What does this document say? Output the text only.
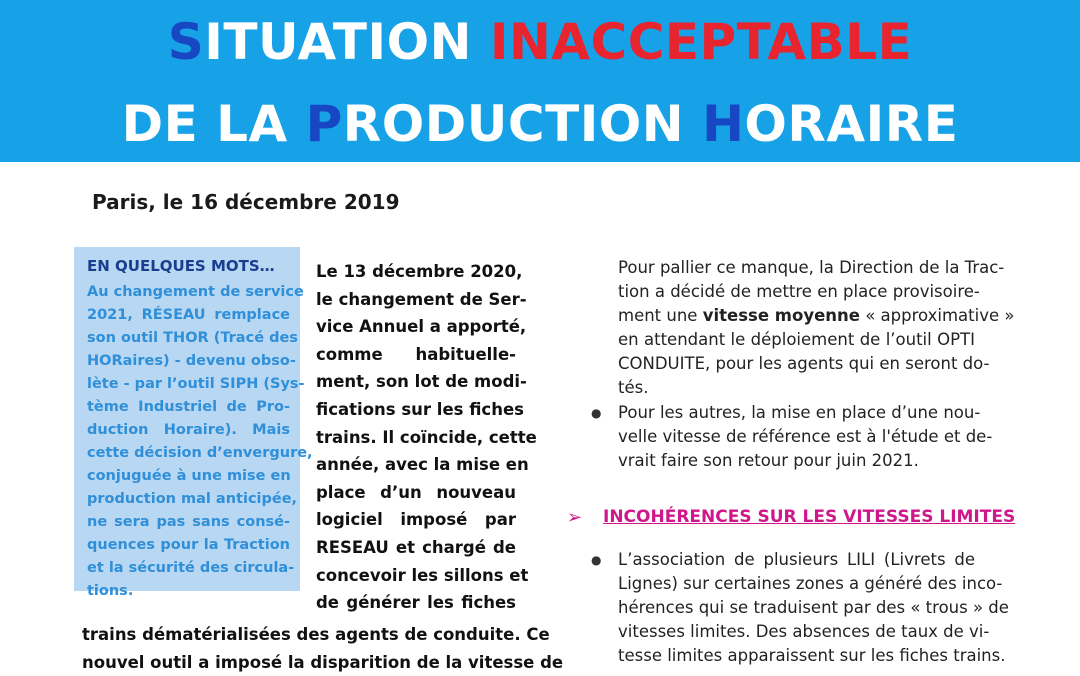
SITUATION INACCEPTABLE
DE LA PRODUCTION HORAIRE
Paris, le 16 décembre 2019
EN QUELQUES MOTS…
Au changement de service
2021, RÉSEAU remplace
son outil THOR (Tracé des
HORaires) - devenu obso-
lète - par l’outil SIPH (Sys-
tème Industriel de Pro-
duction Horaire). Mais
cette décision d’envergure,
conjuguée à une mise en
production mal anticipée,
ne sera pas sans consé-
quences pour la Traction
et la sécurité des circula-
tions.
Le 13 décembre 2020,
le changement de Ser-
vice Annuel a apporté,
comme habituelle-
ment, son lot de modi-
fications sur les fiches
trains. Il coïncide, cette
année, avec la mise en
place d’un nouveau
logiciel imposé par
RESEAU et chargé de
concevoir les sillons et
de générer les fiches
trains dématérialisées des agents de conduite. Ce
nouvel outil a imposé la disparition de la vitesse de
Pour pallier ce manque, la Direction de la Trac-
tion a décidé de mettre en place provisoire-
ment une vitesse moyenne « approximative »
en attendant le déploiement de l’outil OPTI
CONDUITE, pour les agents qui en seront do-
tés.
● Pour les autres, la mise en place d’une nou-
velle vitesse de référence est à l'étude et de-
vrait faire son retour pour juin 2021.
● L’association de plusieurs LILI (Livrets de
Lignes) sur certaines zones a généré des inco-
hérences qui se traduisent par des « trous » de
vitesses limites. Des absences de taux de vi-
tesse limites apparaissent sur les fiches trains.
➢ INCOHÉRENCES SUR LES VITESSES LIMITES
